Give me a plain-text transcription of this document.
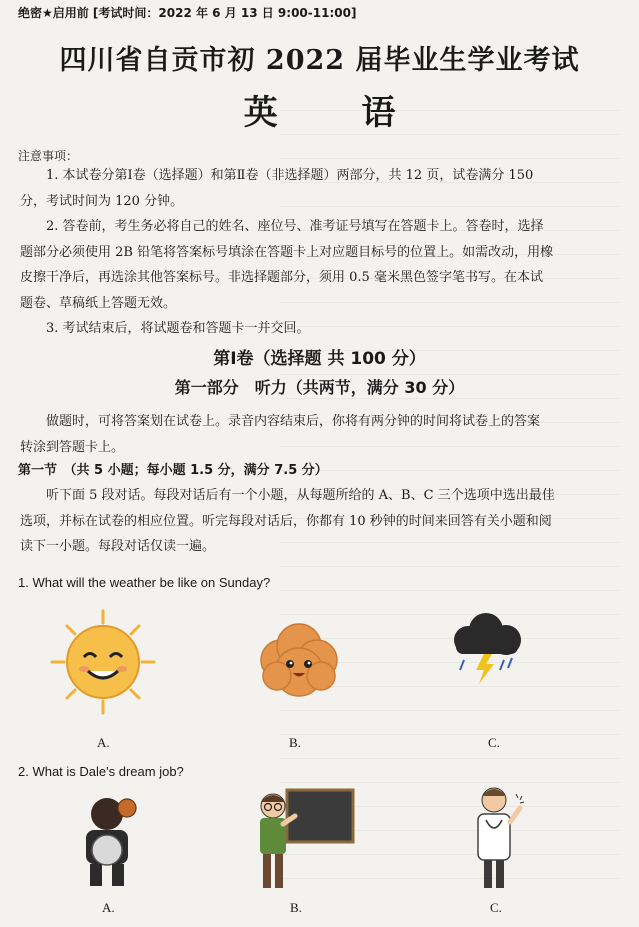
绝密★启用前 [考试时间：2022 年 6 月 13 日 9:00-11:00]
四川省自贡市初 2022 届毕业生学业考试
英 语
注意事项：
1. 本试卷分第Ⅰ卷（选择题）和第Ⅱ卷（非选择题）两部分，共 12 页，试卷满分 150
分，考试时间为 120 分钟。
2. 答卷前，考生务必将自己的姓名、座位号、准考证号填写在答题卡上。答卷时，选择
题部分必须使用 2B 铅笔将答案标号填涂在答题卡上对应题目标号的位置上。如需改动，用橡
皮擦干净后，再选涂其他答案标号。非选择题部分，须用 0.5 毫米黑色签字笔书写。在本试
题卷、草稿纸上答题无效。
3. 考试结束后，将试题卷和答题卡一并交回。
第Ⅰ卷（选择题 共 100 分）
第一部分　听力（共两节，满分 30 分）
做题时，可将答案划在试卷上。录音内容结束后，你将有两分钟的时间将试卷上的答案
转涂到答题卡上。
第一节　（共 5 小题；每小题 1.5 分，满分 7.5 分）
听下面 5 段对话。每段对话后有一个小题，从每题所给的 A、B、C 三个选项中选出最佳
选项，并标在试卷的相应位置。听完每段对话后，你都有 10 秒钟的时间来回答有关小题和阅
读下一小题。每段对话仅读一遍。
1. What will the weather be like on Sunday?
A.	B.	C.
2. What is Dale's dream job?
A.	B.	C.
